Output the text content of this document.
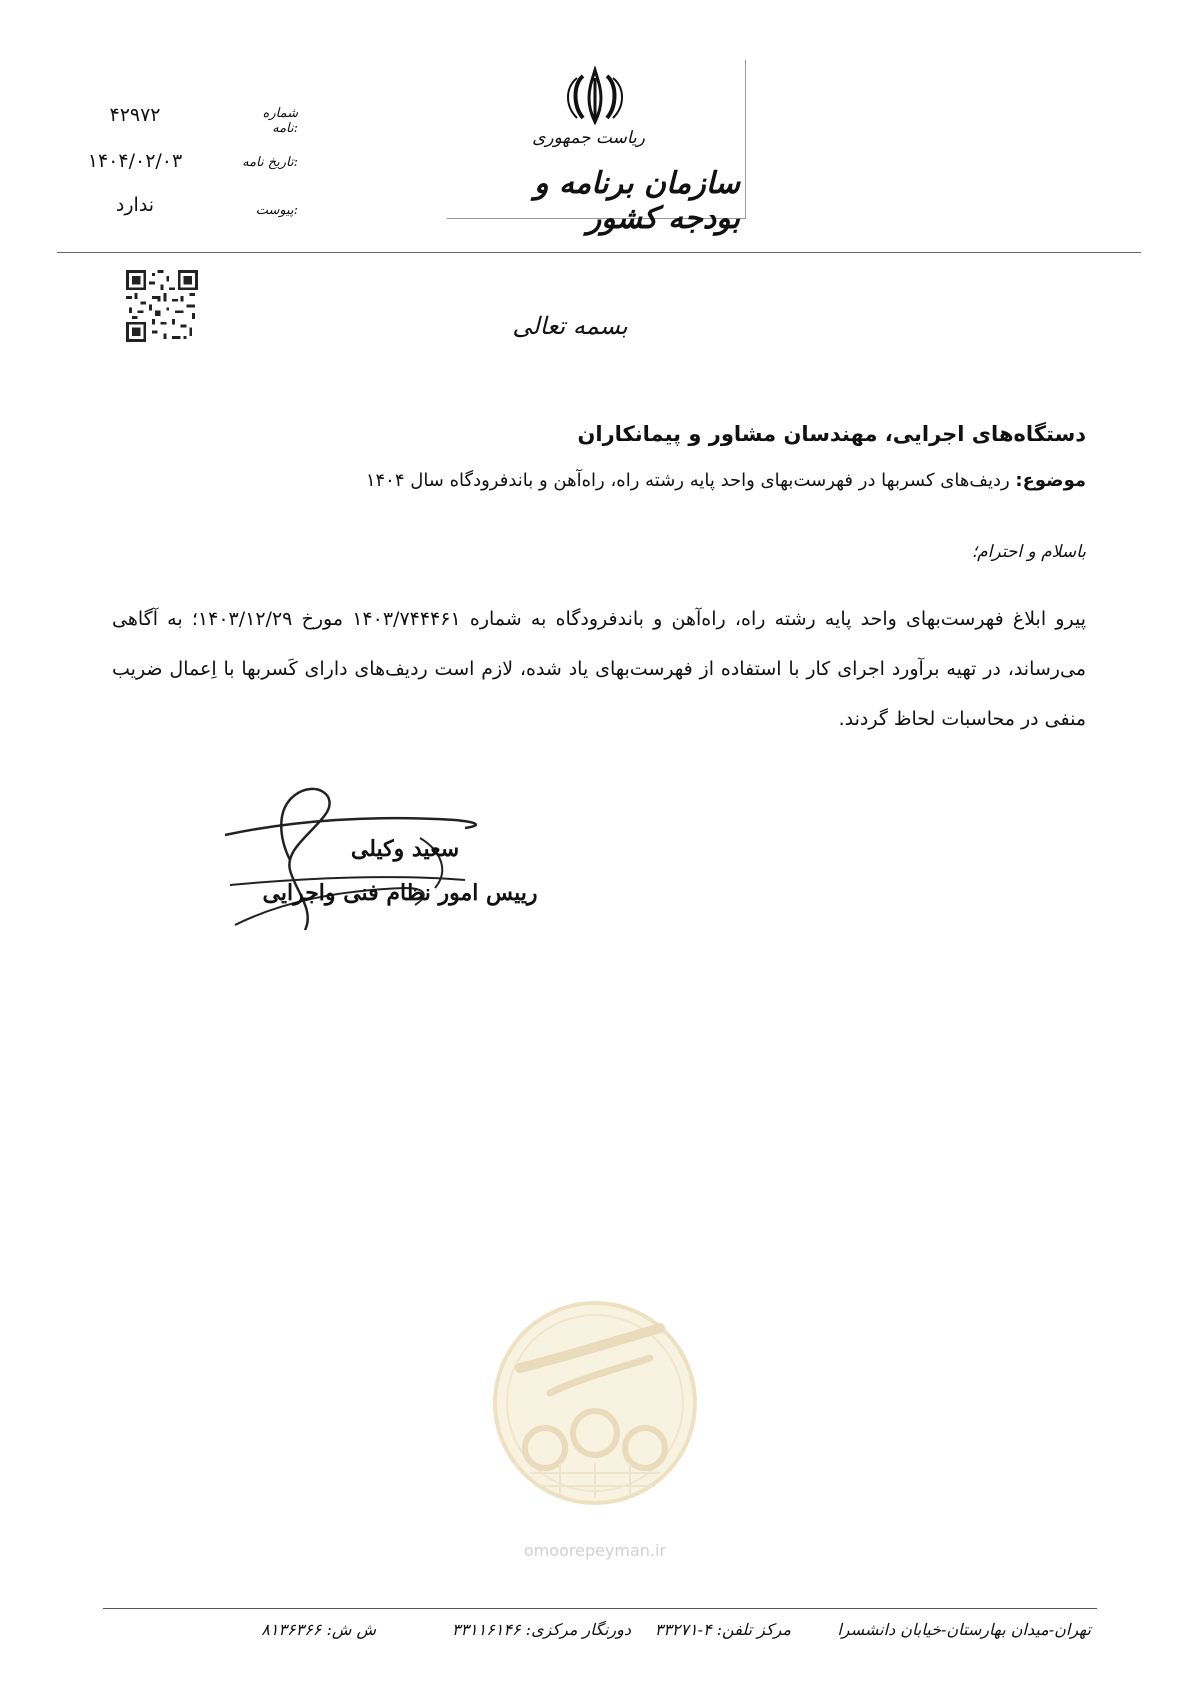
ریاست جمهوری
سازمان برنامه و بودجه کشور
شماره نامه:
۴۲۹۷۲
تاریخ نامه:
۱۴۰۴/۰۲/۰۳
پیوست:
ندارد
بسمه تعالی
دستگاه‌های اجرایی، مهندسان مشاور و پیمانکاران
موضوع: ردیف‌های کسربها در فهرست‌بهای واحد پایه رشته راه، راه‌آهن و باندفرودگاه سال ۱۴۰۴
باسلام و احترام؛
پیرو ابلاغ فهرست‌بهای واحد پایه رشته راه، راه‌آهن و باندفرودگاه به شماره ۱۴۰۳/۷۴۴۴۶۱ مورخ ۱۴۰۳/۱۲/۲۹؛ به آگاهی می‌رساند، در تهیه برآورد اجرای کار با استفاده از فهرست‌بهای یاد شده، لازم است ردیف‌های دارای کَسربها با اِعمال ضریب منفی در محاسبات لحاظ گردند.
سعید وکیلی
رییس امور نظام فنی واجرایی
omoorepeyman.ir
تهران-میدان بهارستان-خیابان دانشسرا
مرکز تلفن: ۴-۳۳۲۷۱
دورنگار مرکزی: ۳۳۱۱۶۱۴۶
ش ش: ۸۱۳۶۳۶۶
